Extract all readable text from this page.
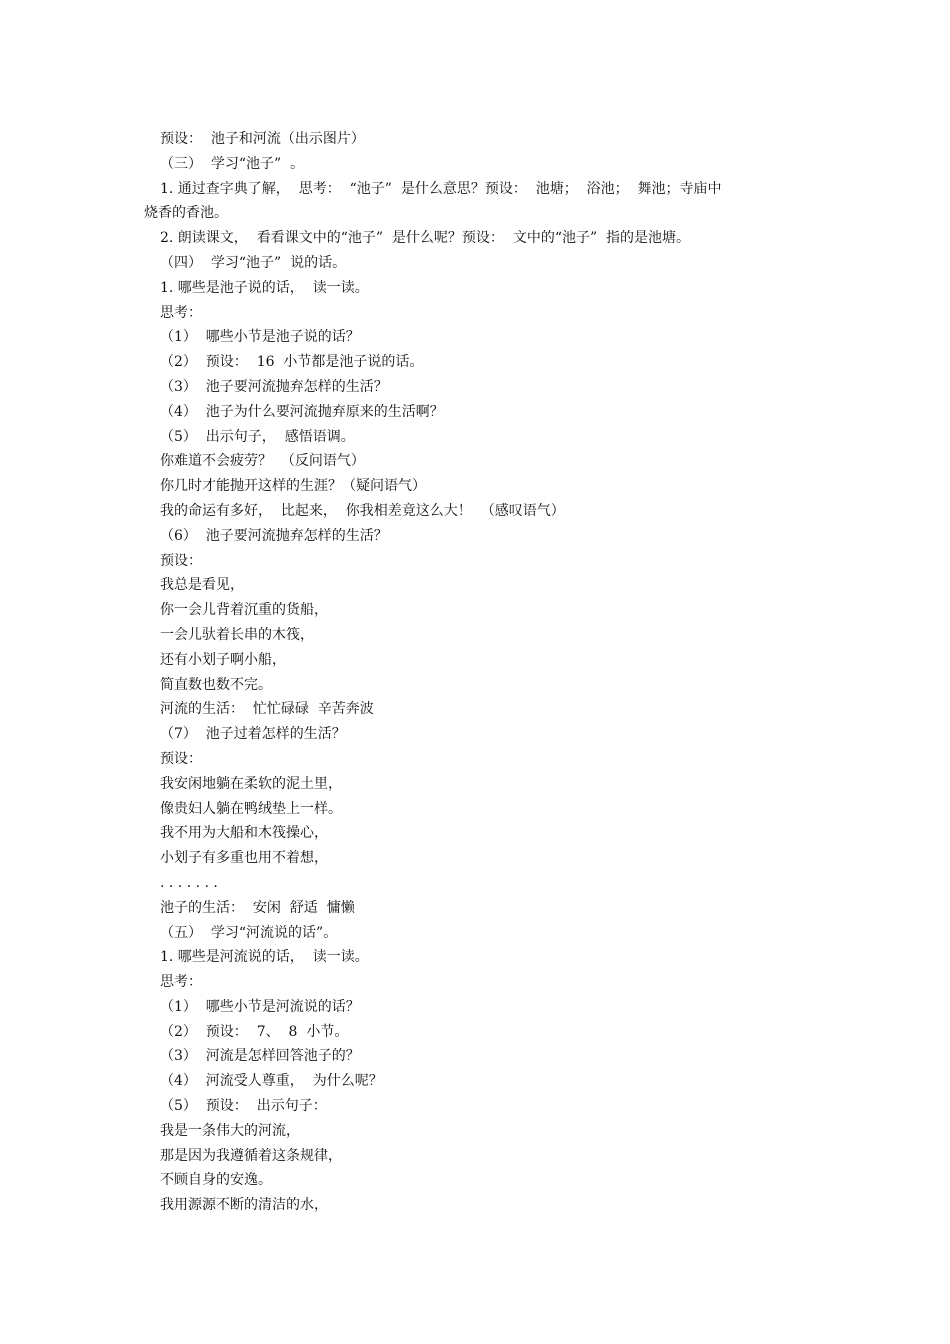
预设：  池子和河流（出示图片）
（三）  学习“池子”  。
1. 通过查字典了解，  思考：  “池子”  是什么意思？预设：  池塘；  浴池；  舞池；寺庙中
烧香的香池。
2. 朗读课文，  看看课文中的“池子”  是什么呢？预设：  文中的“池子”  指的是池塘。
（四）  学习“池子”  说的话。
1. 哪些是池子说的话，  读一读。
思考：
（1）  哪些小节是池子说的话？
（2）  预设：  16  小节都是池子说的话。
（3）  池子要河流抛弃怎样的生活？
（4）  池子为什么要河流抛弃原来的生活啊？
（5）  出示句子，  感悟语调。
你难道不会疲劳？  （反问语气）
你几时才能抛开这样的生涯？（疑问语气）
我的命运有多好，  比起来，  你我相差竟这么大！  （感叹语气）
（6）  池子要河流抛弃怎样的生活？
预设：
我总是看见，
你一会儿背着沉重的货船，
一会儿驮着长串的木筏，
还有小划子啊小船，
简直数也数不完。
河流的生活：  忙忙碌碌  辛苦奔波
（7）  池子过着怎样的生活？
预设：
我安闲地躺在柔软的泥土里，
像贵妇人躺在鸭绒垫上一样。
我不用为大船和木筏操心，
小划子有多重也用不着想，
. . . . . . .
池子的生活：  安闲  舒适  慵懒
（五）  学习“河流说的话”。
1. 哪些是河流说的话，  读一读。
思考：
（1）  哪些小节是河流说的话？
（2）  预设：  7、  8  小节。
（3）  河流是怎样回答池子的？
（4）  河流受人尊重，  为什么呢？
（5）  预设：  出示句子：
我是一条伟大的河流，
那是因为我遵循着这条规律，
不顾自身的安逸。
我用源源不断的清洁的水，
